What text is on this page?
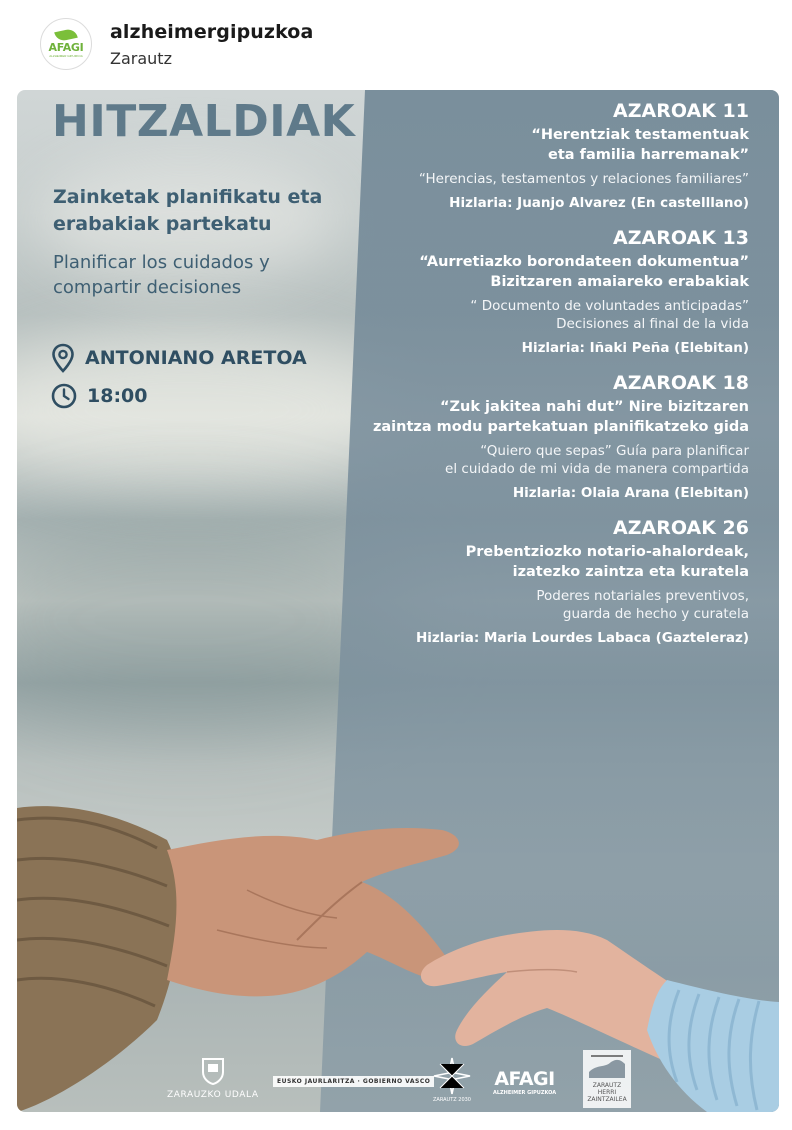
AFAGI
ALZHEIMER GIPUZKOA
alzheimergipuzkoa
Zarautz
HITZALDIAK
Zainketak planifikatu eta erabakiak partekatu
Planificar los cuidados y compartir decisiones
ANTONIANO ARETOA
18:00
AZAROAK 11
“Herentziak testamentuak
eta familia harremanak”
“Herencias, testamentos y relaciones familiares”
Hizlaria: Juanjo Alvarez (En castelllano)
AZAROAK 13
“Aurretiazko borondateen dokumentua”
Bizitzaren amaiareko erabakiak
“ Documento de voluntades anticipadas”
Decisiones al final de la vida
Hizlaria: Iñaki Peña (Elebitan)
AZAROAK 18
“Zuk jakitea nahi dut” Nire bizitzaren
zaintza modu partekatuan planifikatzeko gida
“Quiero que sepas” Guía para planificar
el cuidado de mi vida de manera compartida
Hizlaria: Olaia Arana (Elebitan)
AZAROAK 26
Prebentziozko notario-ahalordeak,
izatezko zaintza eta kuratela
Poderes notariales preventivos,
guarda de hecho y curatela
Hizlaria: Maria Lourdes Labaca (Gazteleraz)
ZARAUZKO UDALA
EUSKO JAURLARITZA · GOBIERNO VASCO
ZARAUTZ 2030
AFAGI
ALZHEIMER GIPUZKOA
ZARAUTZ HERRI ZAINTZAILEA
